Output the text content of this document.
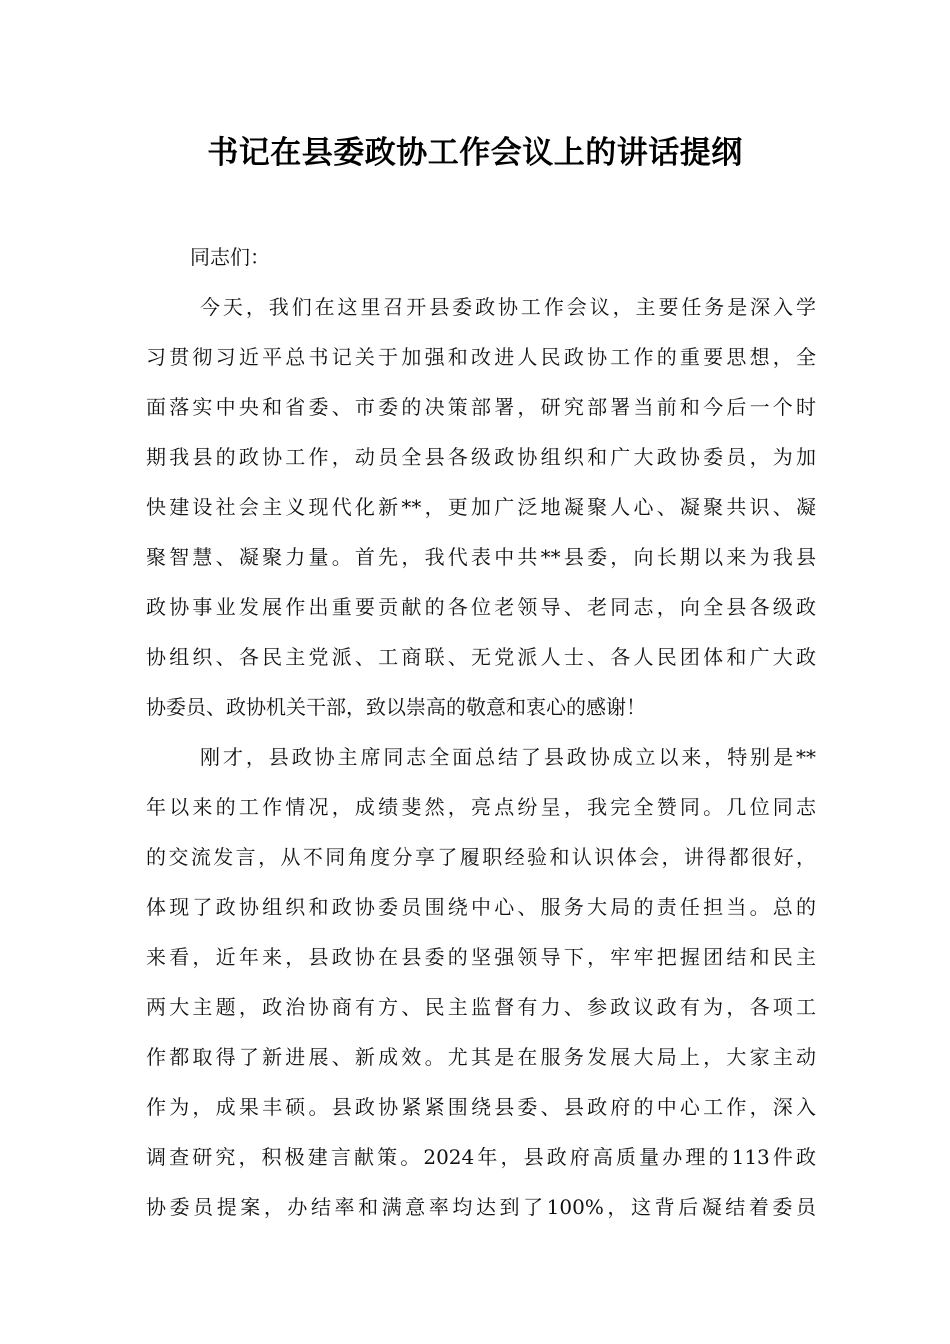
书记在县委政协工作会议上的讲话提纲
同志们：
今天，我们在这里召开县委政协工作会议，主要任务是深入学
习贯彻习近平总书记关于加强和改进人民政协工作的重要思想，全
面落实中央和省委、市委的决策部署，研究部署当前和今后一个时
期我县的政协工作，动员全县各级政协组织和广大政协委员，为加
快建设社会主义现代化新**，更加广泛地凝聚人心、凝聚共识、凝
聚智慧、凝聚力量。首先，我代表中共**县委，向长期以来为我县
政协事业发展作出重要贡献的各位老领导、老同志，向全县各级政
协组织、各民主党派、工商联、无党派人士、各人民团体和广大政
协委员、政协机关干部，致以崇高的敬意和衷心的感谢！
刚才，县政协主席同志全面总结了县政协成立以来，特别是**
年以来的工作情况，成绩斐然，亮点纷呈，我完全赞同。几位同志
的交流发言，从不同角度分享了履职经验和认识体会，讲得都很好，
体现了政协组织和政协委员围绕中心、服务大局的责任担当。总的
来看，近年来，县政协在县委的坚强领导下，牢牢把握团结和民主
两大主题，政治协商有方、民主监督有力、参政议政有为，各项工
作都取得了新进展、新成效。尤其是在服务发展大局上，大家主动
作为，成果丰硕。县政协紧紧围绕县委、县政府的中心工作，深入
调查研究，积极建言献策。2024年，县政府高质量办理的113件政
协委员提案，办结率和满意率均达到了100%，这背后凝结着委员
